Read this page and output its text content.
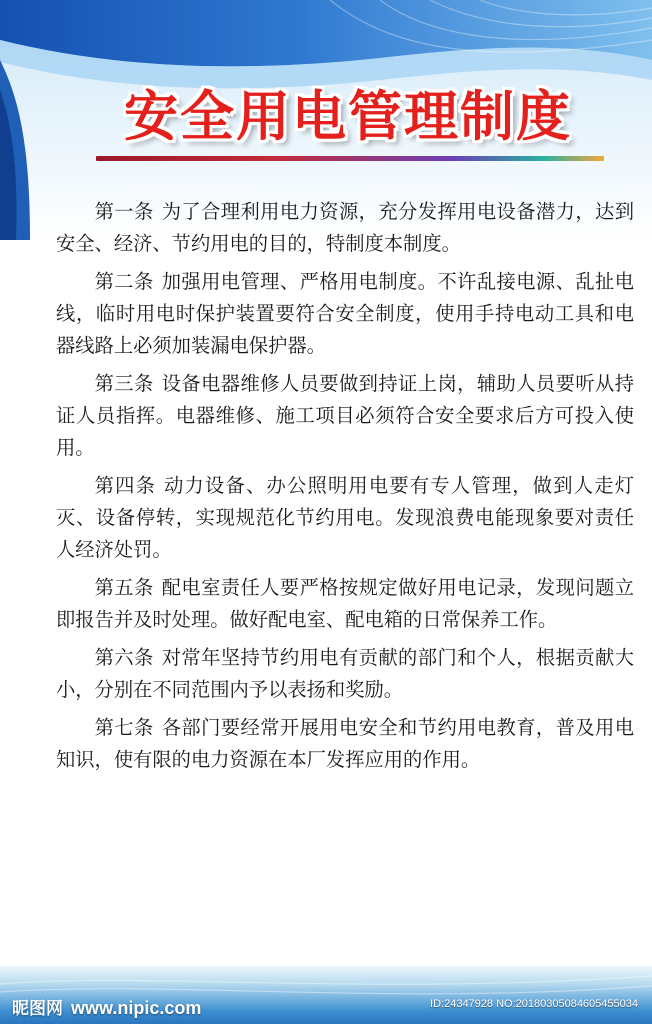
安全用电管理制度

第一条 为了合理利用电力资源，充分发挥用电设备潜力，达到安全、经济、节约用电的目的，特制度本制度。

第二条 加强用电管理、严格用电制度。不许乱接电源、乱扯电线，临时用电时保护装置要符合安全制度，使用手持电动工具和电器线路上必须加装漏电保护器。

第三条 设备电器维修人员要做到持证上岗，辅助人员要听从持证人员指挥。电器维修、施工项目必须符合安全要求后方可投入使用。

第四条 动力设备、办公照明用电要有专人管理，做到人走灯灭、设备停转，实现规范化节约用电。发现浪费电能现象要对责任人经济处罚。

第五条 配电室责任人要严格按规定做好用电记录，发现问题立即报告并及时处理。做好配电室、配电箱的日常保养工作。

第六条 对常年坚持节约用电有贡献的部门和个人，根据贡献大小，分别在不同范围内予以表扬和奖励。

第七条 各部门要经常开展用电安全和节约用电教育，普及用电知识，使有限的电力资源在本厂发挥应用的作用。

昵图网 www.nipic.com	ID:24347928 NO:20180305084605455034
